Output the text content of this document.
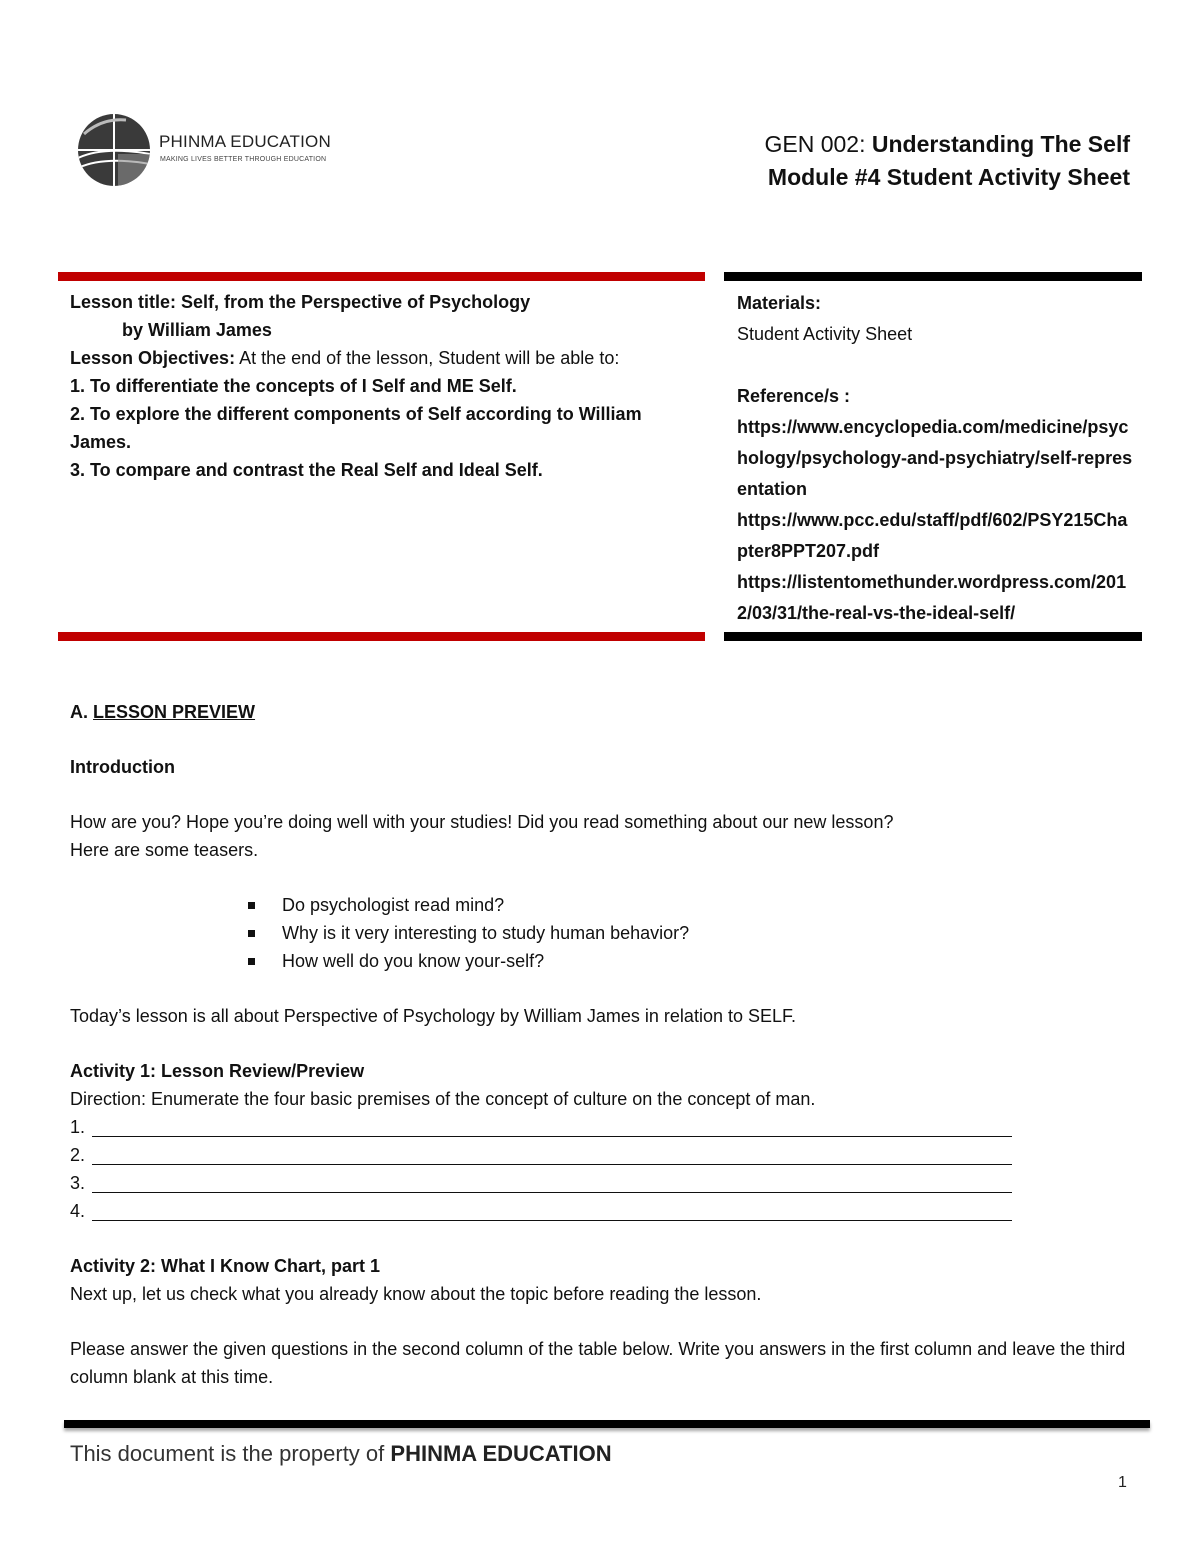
PHINMA EDUCATION
MAKING LIVES BETTER THROUGH EDUCATION
GEN 002: Understanding The Self
Module #4 Student Activity Sheet

Lesson title: Self, from the Perspective of Psychology

by William James

Lesson Objectives: At the end of the lesson, Student will be able to:

1. To differentiate the concepts of I Self and ME Self.

2. To explore the different components of Self according to William James.

3. To compare and contrast the Real Self and Ideal Self.

Materials:
Student Activity Sheet
Reference/s :
https://www.encyclopedia.com/medicine/psychology/psychology-and-psychiatry/self-representation
https://www.pcc.edu/staff/pdf/602/PSY215Chapter8PPT207.pdf
https://listentomethunder.wordpress.com/2012/03/31/the-real-vs-the-ideal-self/
A. LESSON PREVIEW
Introduction
How are you? Hope you’re doing well with your studies! Did you read something about our new lesson?
Here are some teasers.
Do psychologist read mind?
Why is it very interesting to study human behavior?
How well do you know your-self?
Today’s lesson is all about Perspective of Psychology by William James in relation to SELF.
Activity 1: Lesson Review/Preview
Direction: Enumerate the four basic premises of the concept of culture on the concept of man.
1.
2.
3.
4.
Activity 2: What I Know Chart, part 1
Next up, let us check what you already know about the topic before reading the lesson.
Please answer the given questions in the second column of the table below. Write you answers in the first column and leave the third column blank at this time.
This document is the property of PHINMA EDUCATION
1
